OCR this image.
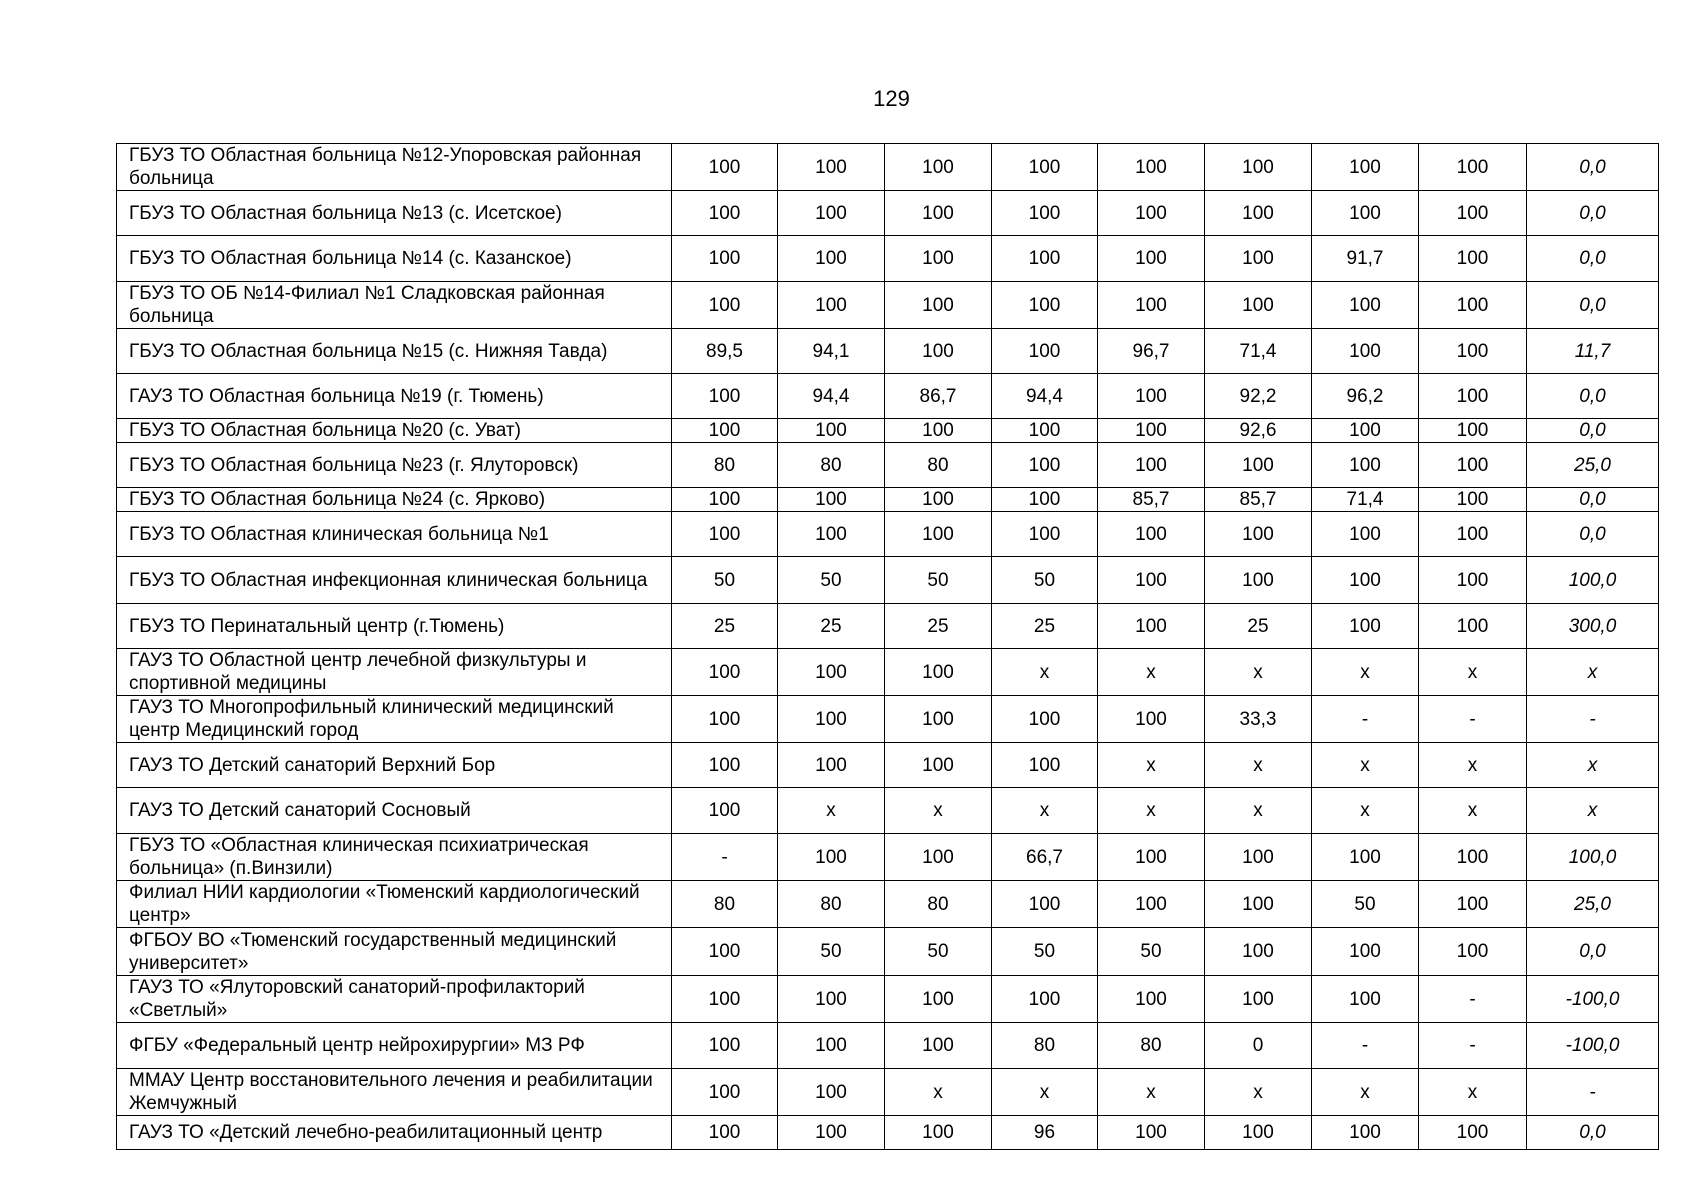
129
ГБУЗ ТО Областная больница №12-Упоровская районная больница	100	100	100	100	100	100	100	100	0,0
ГБУЗ ТО Областная больница №13 (с. Исетское)	100	100	100	100	100	100	100	100	0,0
ГБУЗ ТО Областная больница №14 (с. Казанское)	100	100	100	100	100	100	91,7	100	0,0
ГБУЗ ТО ОБ №14-Филиал №1 Сладковская районная больница	100	100	100	100	100	100	100	100	0,0
ГБУЗ ТО Областная больница №15 (с. Нижняя Тавда)	89,5	94,1	100	100	96,7	71,4	100	100	11,7
ГАУЗ ТО Областная больница №19 (г. Тюмень)	100	94,4	86,7	94,4	100	92,2	96,2	100	0,0
ГБУЗ ТО Областная больница №20 (с. Уват)	100	100	100	100	100	92,6	100	100	0,0
ГБУЗ ТО Областная больница №23 (г. Ялуторовск)	80	80	80	100	100	100	100	100	25,0
ГБУЗ ТО Областная больница №24 (с. Ярково)	100	100	100	100	85,7	85,7	71,4	100	0,0
ГБУЗ ТО Областная клиническая больница №1	100	100	100	100	100	100	100	100	0,0
ГБУЗ ТО Областная инфекционная клиническая больница	50	50	50	50	100	100	100	100	100,0
ГБУЗ ТО Перинатальный центр (г.Тюмень)	25	25	25	25	100	25	100	100	300,0
ГАУЗ ТО Областной центр лечебной физкультуры и спортивной медицины	100	100	100	x	x	x	x	x	x
ГАУЗ ТО Многопрофильный клинический медицинский центр Медицинский город	100	100	100	100	100	33,3	-	-	-
ГАУЗ ТО Детский санаторий Верхний Бор	100	100	100	100	x	x	x	x	x
ГАУЗ ТО Детский санаторий Сосновый	100	x	x	x	x	x	x	x	x
ГБУЗ ТО «Областная клиническая психиатрическая больница» (п.Винзили)	-	100	100	66,7	100	100	100	100	100,0
Филиал НИИ кардиологии «Тюменский кардиологический центр»	80	80	80	100	100	100	50	100	25,0
ФГБОУ ВО «Тюменский государственный медицинский университет»	100	50	50	50	50	100	100	100	0,0
ГАУЗ ТО «Ялуторовский санаторий-профилакторий «Светлый»	100	100	100	100	100	100	100	-	-100,0
ФГБУ «Федеральный центр нейрохирургии» МЗ РФ	100	100	100	80	80	0	-	-	-100,0
ММАУ Центр восстановительного лечения и реабилитации Жемчужный	100	100	x	x	x	x	x	x	-
ГАУЗ ТО «Детский лечебно-реабилитационный центр	100	100	100	96	100	100	100	100	0,0
